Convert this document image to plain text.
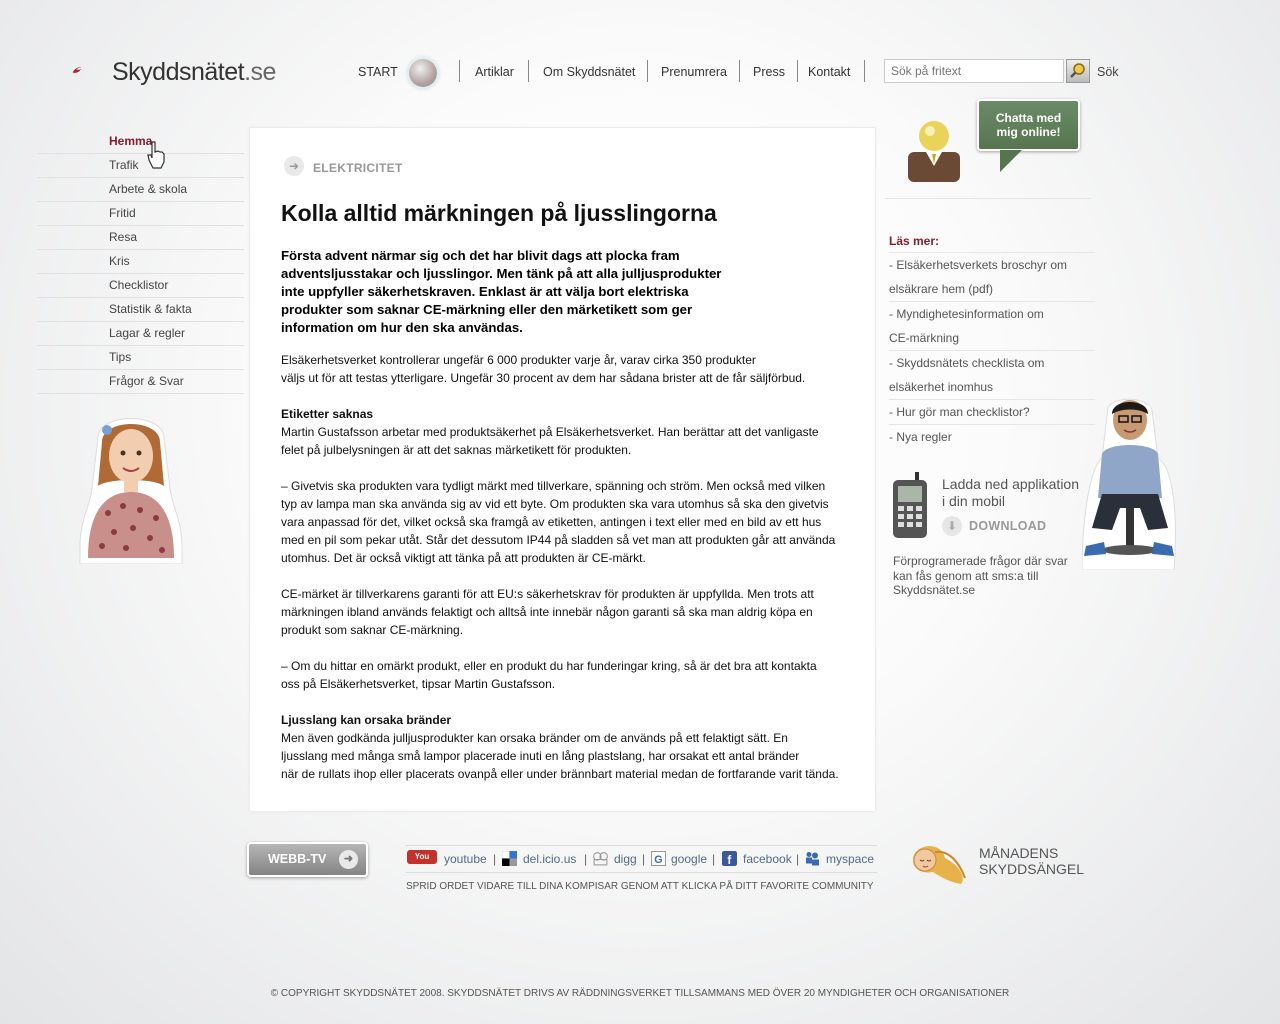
Skyddsnätet.se	START	Artiklar Om Skyddsnätet Prenumrera Press Kontakt
Sök på fritext	Sök
Hemma
Trafik
Arbete & skola
Fritid
Resa
Kris
Checklistor
Statistik & fakta
Lagar & regler
Tips
Frågor & Svar
➜	ELEKTRICITET
Kolla alltid märkningen på ljusslingorna
Första advent närmar sig och det har blivit dags att plocka fram
adventsljusstakar och ljusslingor. Men tänk på att alla julljusprodukter
inte uppfyller säkerhetskraven. Enklast är att välja bort elektriska
produkter som saknar CE-märkning eller den märketikett som ger
information om hur den ska användas.

Elsäkerhetsverket kontrollerar ungefär 6 000 produkter varje år, varav cirka 350 produkter
väljs ut för att testas ytterligare. Ungefär 30 procent av dem har sådana brister att de får säljförbud.

Etiketter saknas
Martin Gustafsson arbetar med produktsäkerhet på Elsäkerhetsverket. Han berättar att det vanligaste
felet på julbelysningen är att det saknas märketikett för produkten.

– Givetvis ska produkten vara tydligt märkt med tillverkare, spänning och ström. Men också med vilken
typ av lampa man ska använda sig av vid ett byte. Om produkten ska vara utomhus så ska den givetvis
vara anpassad för det, vilket också ska framgå av etiketten, antingen i text eller med en bild av ett hus
med en pil som pekar utåt. Står det dessutom IP44 på sladden så vet man att produkten går att använda
utomhus. Det är också viktigt att tänka på att produkten är CE-märkt.

CE-märket är tillverkarens garanti för att EU:s säkerhetskrav för produkten är uppfyllda. Men trots att
märkningen ibland används felaktigt och alltså inte innebär någon garanti så ska man aldrig köpa en
produkt som saknar CE-märkning.

– Om du hittar en omärkt produkt, eller en produkt du har funderingar kring, så är det bra att kontakta
oss på Elsäkerhetsverket, tipsar Martin Gustafsson.

Ljusslang kan orsaka bränder
Men även godkända julljusprodukter kan orsaka bränder om de används på ett felaktigt sätt. En
ljusslang med många små lampor placerade inuti en lång plastslang, har orsakat ett antal bränder
när de rullats ihop eller placerats ovanpå eller under brännbart material medan de fortfarande varit tända.

Chatta med
mig online!
Läs mer:
- Elsäkerhetsverkets broschyr om
elsäkrare hem (pdf)
- Myndighetesinformation om
CE-märkning
- Skyddsnätets checklista om
elsäkerhet inomhus
- Hur gör man checklistor?
- Nya regler
Ladda ned applikation
i din mobil
⬇ DOWNLOAD
Förprogramerade frågor där svar
kan fås genom att sms:a till
Skyddsnätet.se
WEBB-TV	➜	You	youtube | del.icio.us | digg | G google | f facebook | myspace
SPRID ORDET VIDARE TILL DINA KOMPISAR GENOM ATT KLICKA PÅ DITT FAVORITE COMMUNITY
MÅNADENS
SKYDDSÄNGEL
© COPYRIGHT SKYDDSNÄTET 2008. SKYDDSNÄTET DRIVS AV RÄDDNINGSVERKET TILLSAMMANS MED ÖVER 20 MYNDIGHETER OCH ORGANISATIONER
